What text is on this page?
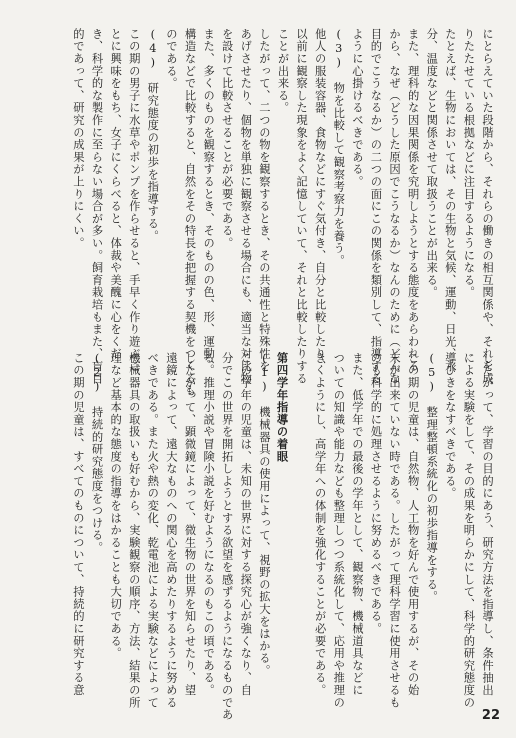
にとらえていた段階から、それらの働きの相互関係や、それを成
りたたせている根拠などに注目するようになる。
たとえば、生物においては、その生物と気候、運動、日光、水
分、温度などと関係させて取扱うことが出来る。
また、理科的な因果関係を究明しようとする態度をあらわれる
から、なぜ（どうした原因でこうなるか）なんのために（どんな
目的でこうなるか）の二つの面にこの関係を類別して、指導する
ように心掛けるべきである。
(3)　物を比較して観察考察力を養う。
他人の服装容器、食物などにすぐ気付き、自分と比較したり、
以前に観察した現象をよく記憶していて、それと比較したりする
ことが出来る。
したがって、二つの物を観察するとき、その共通性と特殊性を
あげさせたり、個物を単独に観察させる場合にも、適当な対比物
を設けて比較させることが必要である。
また、多くのものを観察するとき、そのものの色、形、運動、
構造などで比較すると、自然をその特長を把握する契機をつくるも
のである。
(4)　研究態度の初歩を指導する。
この期の男子に水草やポンプを作らせると、手早く作り遊ぶこ
とに興味をもち、女子にくらべると、体裁や美醜に心をくだ
き、科学的な製作に至らない場合が多い。飼育栽培もまた、盲目
的であって、研究の成果が上りにくい。
したがって、学習の目的にあう、研究方法を指導し、条件抽出
による実験をして、その成果を明らかにして、科学的研究態度の
導びきをなすべきである。
(5)　整理整頓系統化の初歩指導をする。
この期の児童は、自然物、人工物を好んで使用するが、その始
末が出来ていない時である。したがって理科学習に使用させるも
のも科学的に処理させるように努めるべきである。
また、低学年での最後の学年として、観察物、機械道具などに
ついての知識や能力なども整理しつつ系統化して、応用や推理の
きくようにし、高学年への体制を強化することが必要である。

第四学年指導の着眼
(1)　機械器具の使用によって、視野の拡大をはかる。
この学年の児童は、未知の世界に対する探究心が強くなり、自
分でこの世界を開拓しようとする欲望を感ずるようになるものであ
る。推理小説や冒険小説を好むようになるのもこの頃である。
したがって、顕微鏡によって、微生物の世界を知らせたり、望
遠鏡によって、遠大なものへの関心を高めたりするように努める
べきである。また火や熱の変化、乾電池による実験などによって
機械器具の取扱いも好むから、実験観察の順序、方法、結果の所
理など基本的な態度の指導をはかることも大切である。
(2)　持続的研究態度をつける。
この期の児童は、すべてのものについて、持続的に研究する意
22
